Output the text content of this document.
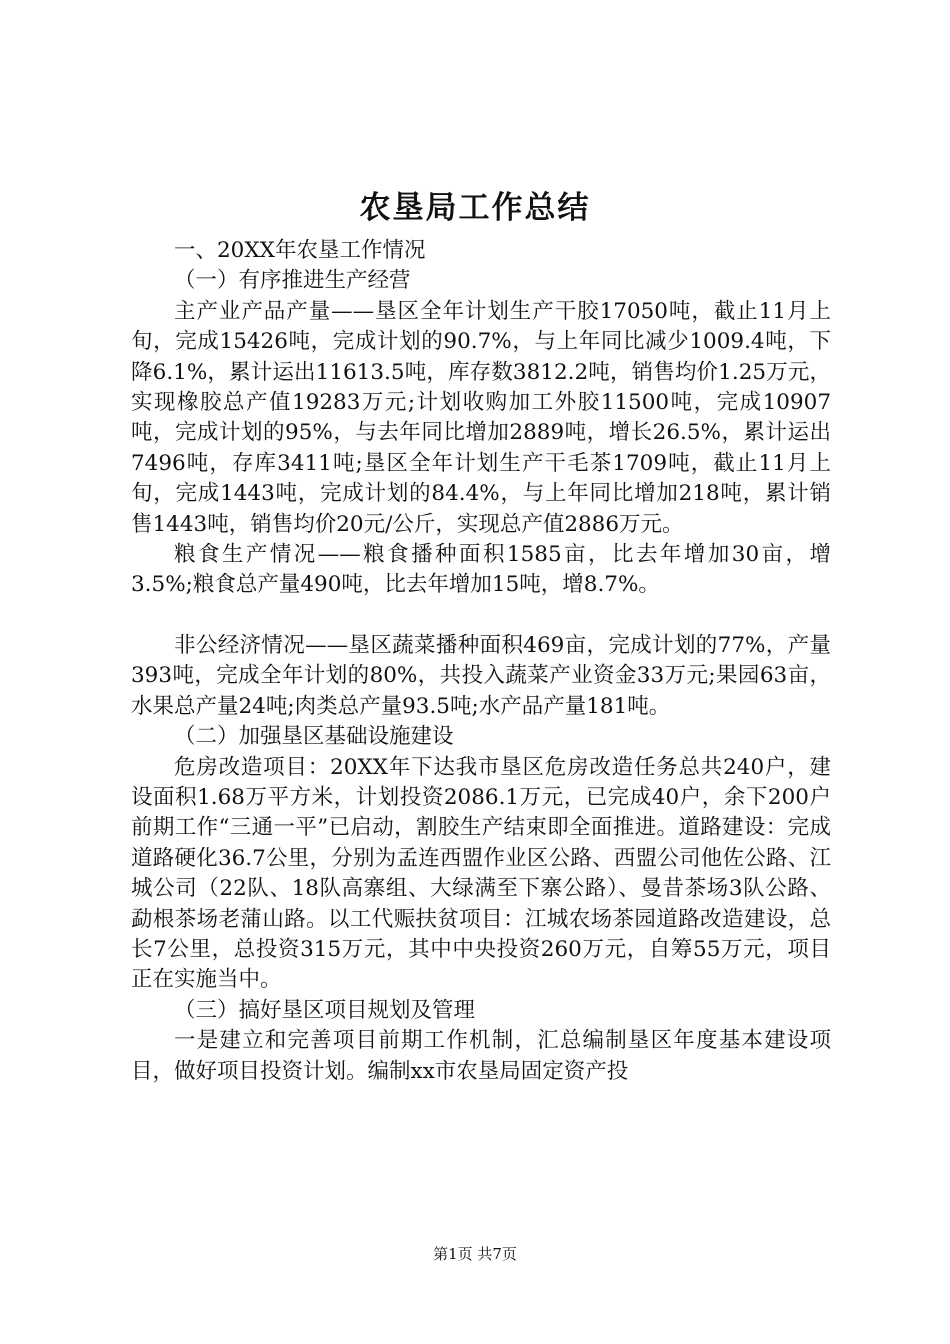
农垦局工作总结

一、20XX年农垦工作情况

（一）有序推进生产经营

主产业产品产量——垦区全年计划生产干胶17050吨，截止11月上旬，完成15426吨，完成计划的90.7%，与上年同比减少1009.4吨，下降6.1%，累计运出11613.5吨，库存数3812.2吨，销售均价1.25万元，实现橡胶总产值19283万元;计划收购加工外胶11500吨，完成10907吨，完成计划的95%，与去年同比增加2889吨，增长26.5%，累计运出7496吨，存库3411吨;垦区全年计划生产干毛茶1709吨，截止11月上旬，完成1443吨，完成计划的84.4%，与上年同比增加218吨，累计销售1443吨，销售均价20元/公斤，实现总产值2886万元。

粮食生产情况——粮食播种面积1585亩，比去年增加30亩，增3.5%;粮食总产量490吨，比去年增加15吨，增8.7%。

非公经济情况——垦区蔬菜播种面积469亩，完成计划的77%，产量393吨，完成全年计划的80%，共投入蔬菜产业资金33万元;果园63亩，水果总产量24吨;肉类总产量93.5吨;水产品产量181吨。

（二）加强垦区基础设施建设

危房改造项目：20XX年下达我市垦区危房改造任务总共240户，建设面积1.68万平方米，计划投资2086.1万元，已完成40户，余下200户前期工作“三通一平”已启动，割胶生产结束即全面推进。道路建设：完成道路硬化36.7公里，分别为孟连西盟作业区公路、西盟公司他佐公路、江城公司（22队、18队高寨组、大绿满至下寨公路）、曼昔茶场3队公路、勐根茶场老蒲山路。以工代赈扶贫项目：江城农场茶园道路改造建设，总长7公里，总投资315万元，其中中央投资260万元，自筹55万元，项目正在实施当中。

（三）搞好垦区项目规划及管理

一是建立和完善项目前期工作机制，汇总编制垦区年度基本建设项目，做好项目投资计划。编制xx市农垦局固定资产投

第1页 共7页
